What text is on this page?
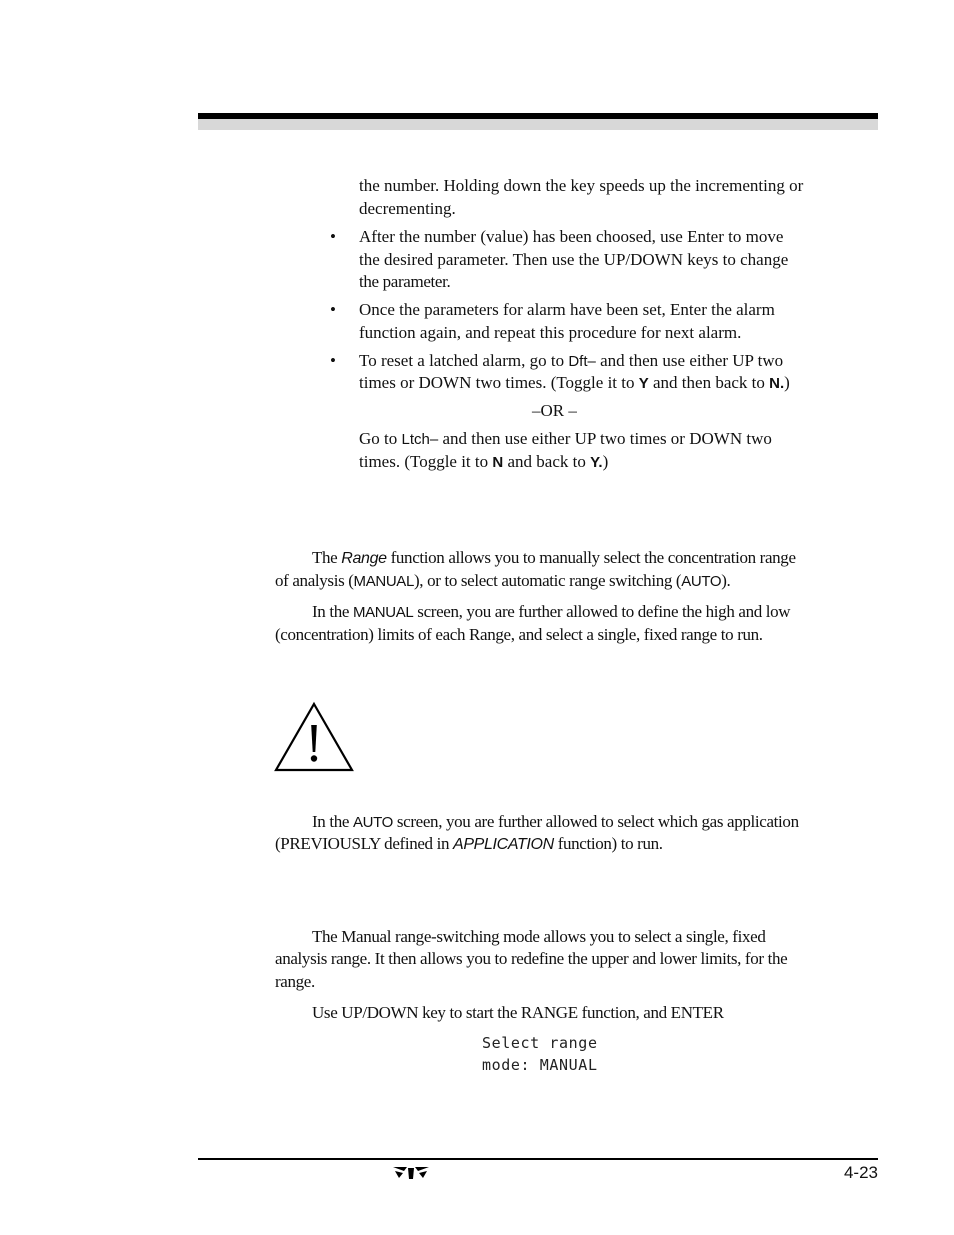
the number. Holding down the key speeds up the incrementing or

decrementing.

• After the number (value) has been choosed, use Enter to move

the desired parameter. Then use the UP/DOWN keys to change

the parameter.

• Once the parameters for alarm have been set, Enter the alarm

function again, and repeat this procedure for next alarm.

• To reset a latched alarm, go to Dft– and then use either UP two

times or DOWN two times. (Toggle it to Y and then back to N.)

–OR –

Go to Ltch– and then use either UP two times or DOWN two

times. (Toggle it to N and back to Y.)

The Range function allows you to manually select the concentration range

of analysis (MANUAL), or to select automatic range switching (AUTO).

In the MANUAL screen, you are further allowed to define the high and low

(concentration) limits of each Range, and select a single, fixed range to run.

In the AUTO screen, you are further allowed to select which gas application

(PREVIOUSLY defined in APPLICATION function) to run.

The Manual range-switching mode allows you to select a single, fixed

analysis range. It then allows you to redefine the upper and lower limits, for the

range.

Use UP/DOWN key to start the RANGE function, and ENTER

Select range
mode: MANUAL
4-23
